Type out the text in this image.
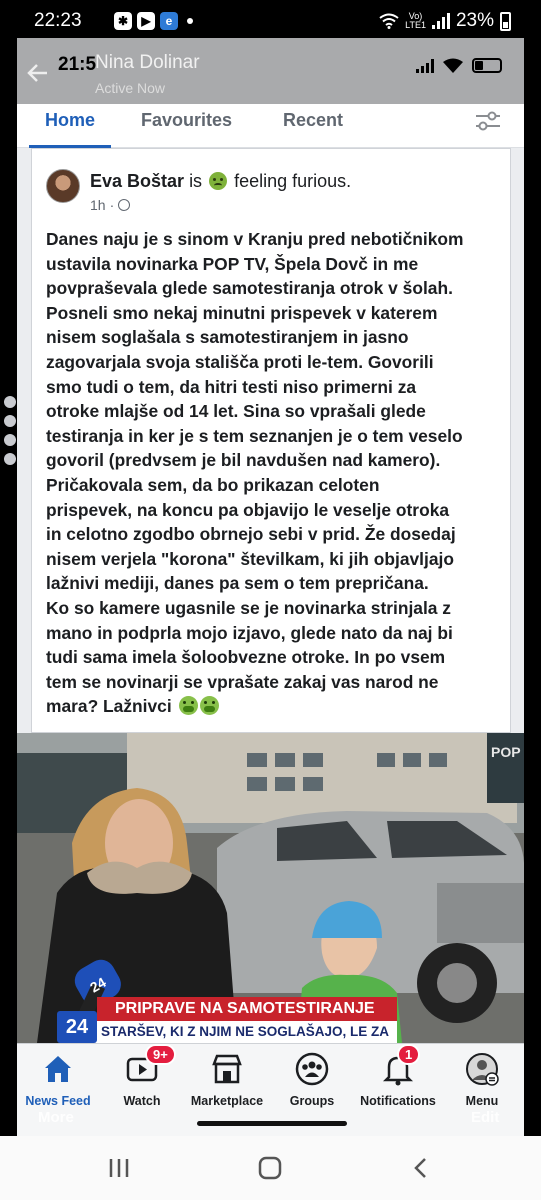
22:23	✱	▶	e	Vo)
LTE1 23%
Nina Dolinar
Active Now
21:5
Home	Favourites	Recent
Eva Boštar is feeling furious.
1h ·
Danes naju je s sinom v Kranju pred nebotičnikom
ustavila novinarka POP TV, Špela Dovč in me
povpraševala glede samotestiranja otrok v šolah.
Posneli smo nekaj minutni prispevek v katerem
nisem soglašala s samotestiranjem in jasno
zagovarjala svoja stališča proti le-tem. Govorili
smo tudi o tem, da hitri testi niso primerni za
otroke mlajše od 14 let. Sina so vprašali glede
testiranja in ker je s tem seznanjen je o tem veselo
govoril (predvsem je bil navdušen nad kamero).
Pričakovala sem, da bo prikazan celoten
prispevek, na koncu pa objavijo le veselje otroka
in celotno zgodbo obrnejo sebi v prid. Že dosedaj
nisem verjela "korona" številkam, ki jih objavljajo
lažnivi mediji, danes pa sem o tem prepričana.
Ko so kamere ugasnile se je novinarka strinjala z
mano in podprla mojo izjavo, glede nato da naj bi
tudi sama imela šoloobvezne otroke. In po vsem
tem se novinarji se vprašate zakaj vas narod ne
mara? Lažnivci
POP
24
PRIPRAVE NA SAMOTESTIRANJE
STARŠEV, KI Z NJIM NE SOGLAŠAJO, LE ZA
24
News Feed
9+
Watch	Marketplace	Groups
1
Notifications	Menu
More	Edit
